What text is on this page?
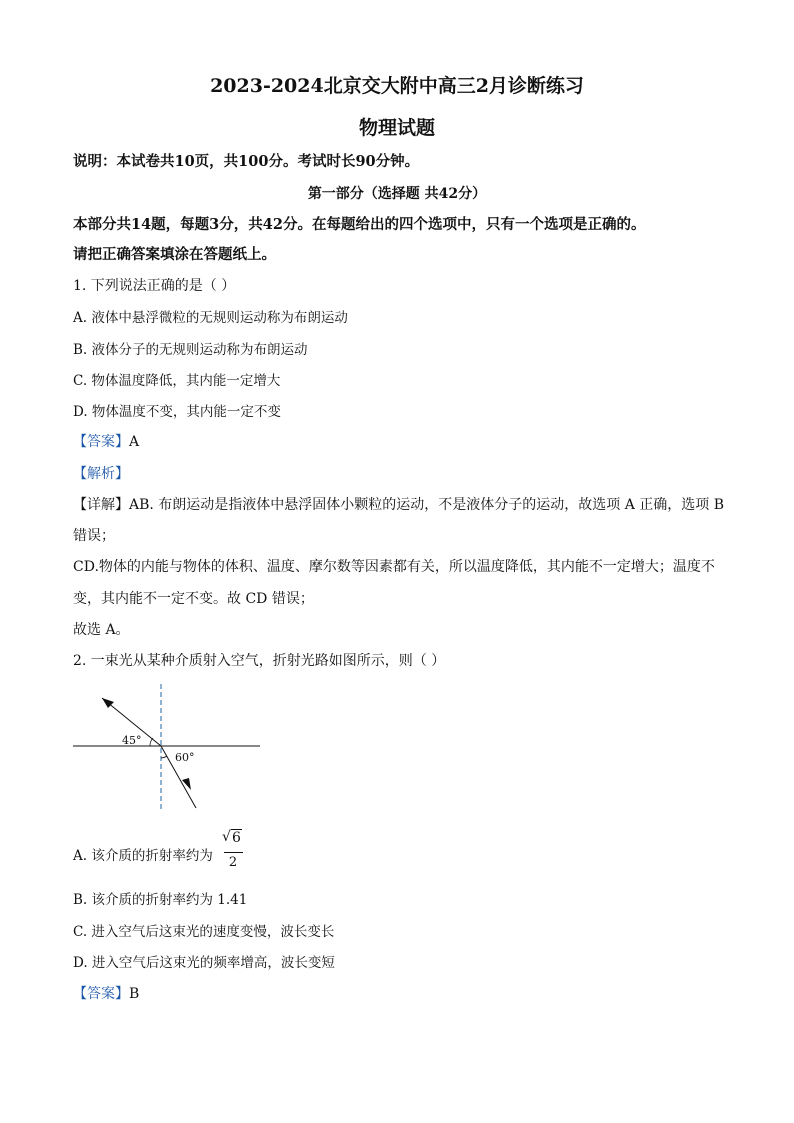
2023-2024北京交大附中高三2月诊断练习
物理试题
说明：本试卷共10页，共100分。考试时长90分钟。
第一部分（选择题 共42分）
本部分共14题，每题3分，共42分。在每题给出的四个选项中，只有一个选项是正确的。
请把正确答案填涂在答题纸上。
1. 下列说法正确的是（ ）
A. 液体中悬浮微粒的无规则运动称为布朗运动
B. 液体分子的无规则运动称为布朗运动
C. 物体温度降低，其内能一定增大
D. 物体温度不变，其内能一定不变
【答案】A
【解析】
【详解】AB. 布朗运动是指液体中悬浮固体小颗粒的运动，不是液体分子的运动，故选项 A 正确，选项 B
错误；
CD.物体的内能与物体的体积、温度、摩尔数等因素都有关，所以温度降低，其内能不一定增大；温度不
变，其内能不一定不变。故 CD 错误；
故选 A。
2. 一束光从某种介质射入空气，折射光路如图所示，则（ ）
45°
60°
A. 该介质的折射率约为
√ 6
2
B. 该介质的折射率约为 1.41
C. 进入空气后这束光的速度变慢，波长变长
D. 进入空气后这束光的频率增高，波长变短
【答案】B
